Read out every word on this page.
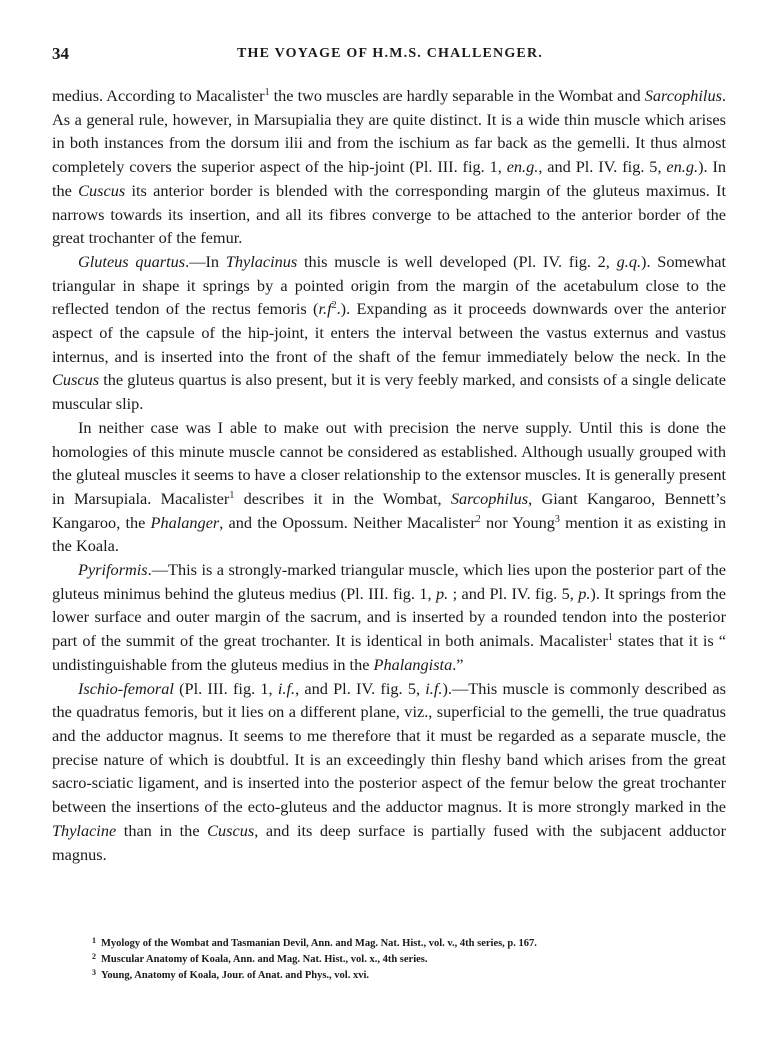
34	THE VOYAGE OF H.M.S. CHALLENGER.

medius. According to Macalister$^1$ the two muscles are hardly separable in the Wombat and Sarcophilus. As a general rule, however, in Marsupialia they are quite distinct. It is a wide thin muscle which arises in both instances from the dorsum ilii and from the ischium as far back as the gemelli. It thus almost completely covers the superior aspect of the hip-joint (Pl. III. fig. 1, en.g., and Pl. IV. fig. 5, en.g.). In the Cuscus its anterior border is blended with the corresponding margin of the gluteus maximus. It narrows towards its insertion, and all its fibres converge to be attached to the anterior border of the great trochanter of the femur.

Gluteus quartus.—In Thylacinus this muscle is well developed (Pl. IV. fig. 2, g.q.). Somewhat triangular in shape it springs by a pointed origin from the margin of the acetabulum close to the reflected tendon of the rectus femoris $(r.f^2.)$. Expanding as it proceeds downwards over the anterior aspect of the capsule of the hip-joint, it enters the interval between the vastus externus and vastus internus, and is inserted into the front of the shaft of the femur immediately below the neck. In the Cuscus the gluteus quartus is also present, but it is very feebly marked, and consists of a single delicate muscular slip.

In neither case was I able to make out with precision the nerve supply. Until this is done the homologies of this minute muscle cannot be considered as established. Although usually grouped with the gluteal muscles it seems to have a closer relationship to the extensor muscles. It is generally present in Marsupiala. Macalister$^1$ describes it in the Wombat, Sarcophilus, Giant Kangaroo, Bennett’s Kangaroo, the Phalanger, and the Opossum. Neither Macalister$^2$ nor Young$^3$ mention it as existing in the Koala.

Pyriformis.—This is a strongly-marked triangular muscle, which lies upon the posterior part of the gluteus minimus behind the gluteus medius (Pl. III. fig. 1, p. ; and Pl. IV. fig. 5, p.). It springs from the lower surface and outer margin of the sacrum, and is inserted by a rounded tendon into the posterior part of the summit of the great trochanter. It is identical in both animals. Macalister$^1$ states that it is “ undistinguishable from the gluteus medius in the Phalangista.”

Ischio-femoral (Pl. III. fig. 1, i.f., and Pl. IV. fig. 5, i.f.).—This muscle is commonly described as the quadratus femoris, but it lies on a different plane, viz., superficial to the gemelli, the true quadratus and the adductor magnus. It seems to me therefore that it must be regarded as a separate muscle, the precise nature of which is doubtful. It is an exceedingly thin fleshy band which arises from the great sacro-sciatic ligament, and is inserted into the posterior aspect of the femur below the great trochanter between the insertions of the ecto-gluteus and the adductor magnus. It is more strongly marked in the Thylacine than in the Cuscus, and its deep surface is partially fused with the subjacent adductor magnus.

$^1$ Myology of the Wombat and Tasmanian Devil, Ann. and Mag. Nat. Hist., vol. v., 4th series, p. 167.

$^2$ Muscular Anatomy of Koala, Ann. and Mag. Nat. Hist., vol. x., 4th series.

$^3$ Young, Anatomy of Koala, Jour. of Anat. and Phys., vol. xvi.
